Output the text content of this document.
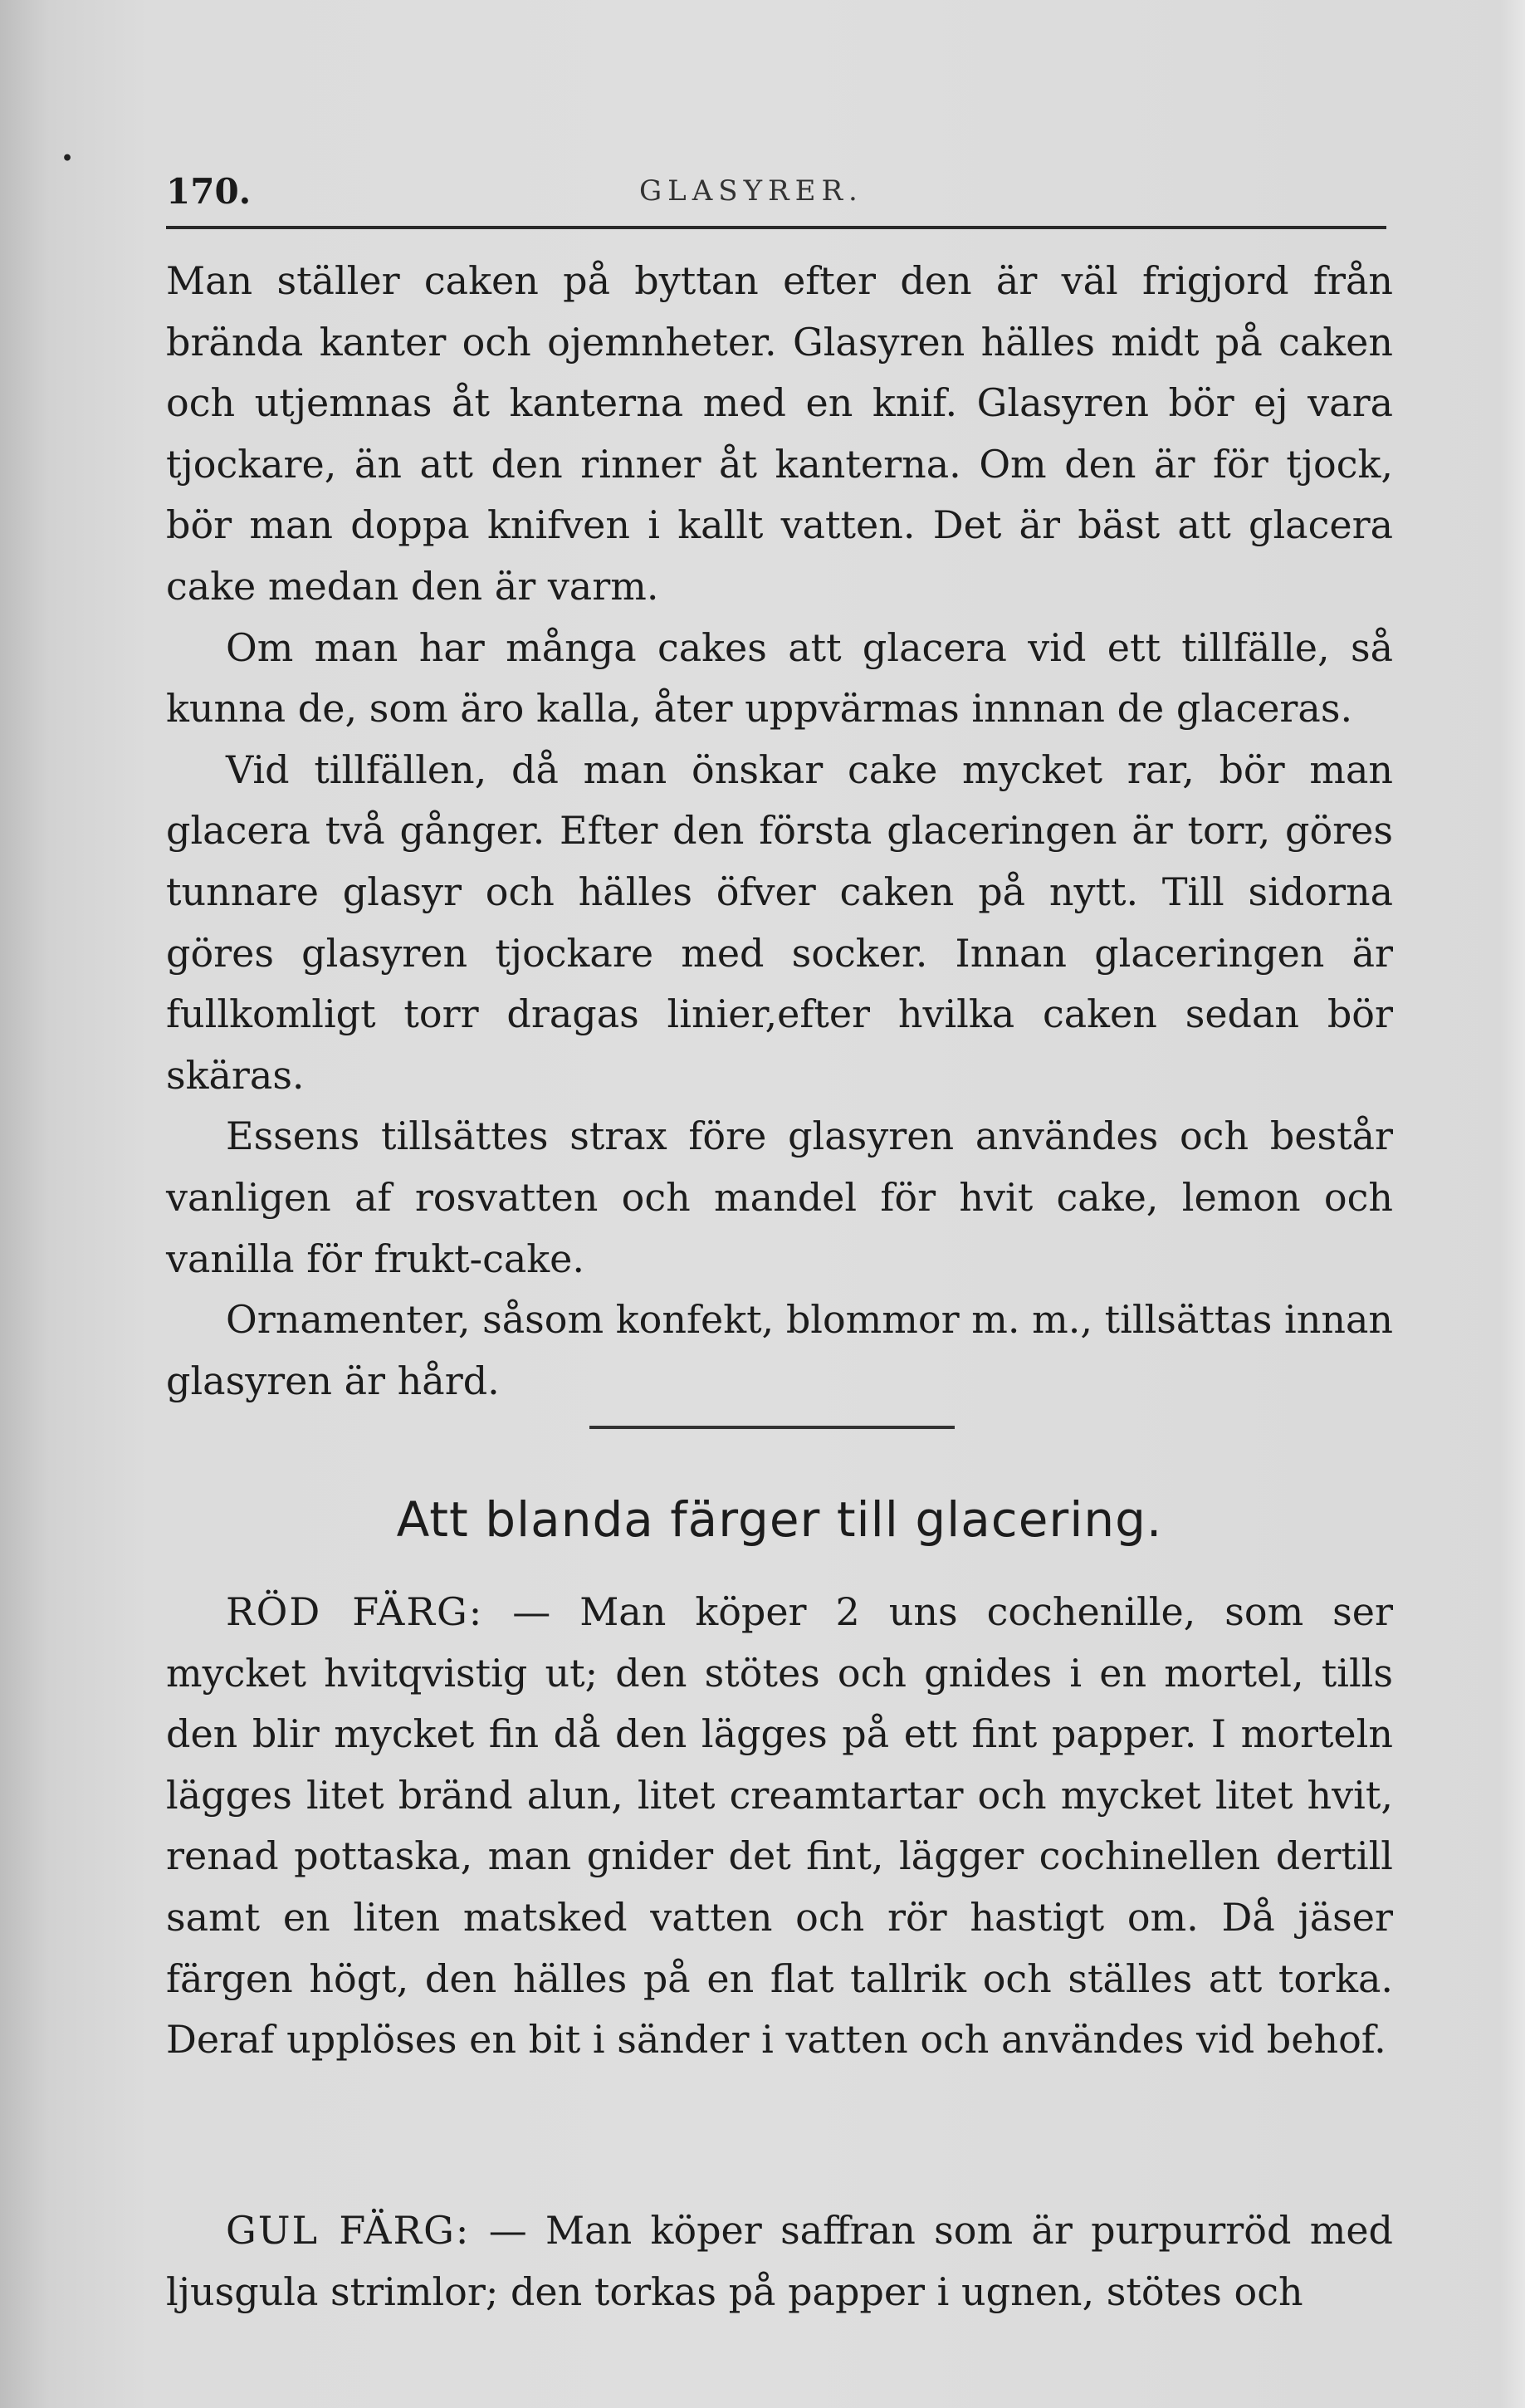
•
170.	GLASYRER.

Man ställer caken på byttan efter den är väl frigjord från brända kanter och ojemnheter. Glasyren hälles midt på caken och utjemnas åt kanterna med en knif. Glasyren bör ej vara tjockare, än att den rinner åt kanterna. Om den är för tjock, bör man doppa knifven i kallt vatten. Det är bäst att glacera cake medan den är varm.

Om man har många cakes att glacera vid ett tillfälle, så kunna de, som äro kalla, åter uppvärmas innnan de glaceras.

Vid tillfällen, då man önskar cake mycket rar, bör man glacera två gånger. Efter den första glaceringen är torr, göres tunnare glasyr och hälles öfver caken på nytt. Till sidorna göres glasyren tjockare med socker. Innan glaceringen är fullkomligt torr dragas linier,efter hvilka caken sedan bör skäras.

Essens tillsättes strax före glasyren användes och består vanligen af rosvatten och mandel för hvit cake, lemon och vanilla för frukt-cake.

Ornamenter, såsom konfekt, blommor m. m., tillsättas innan glasyren är hård.

Att blanda färger till glacering.

RÖD FÄRG: — Man köper 2 uns cochenille, som ser mycket hvitqvistig ut; den stötes och gnides i en mortel, tills den blir mycket fin då den lägges på ett fint papper. I morteln lägges litet bränd alun, litet creamtartar och mycket litet hvit, renad pottaska, man gnider det fint, lägger cochinellen dertill samt en liten matsked vatten och rör hastigt om. Då jäser färgen högt, den hälles på en flat tallrik och ställes att torka. Deraf upplöses en bit i sänder i vatten och användes vid behof.

GUL FÄRG: — Man köper saffran som är purpurröd med ljusgula strimlor; den torkas på papper i ugnen, stötes och
